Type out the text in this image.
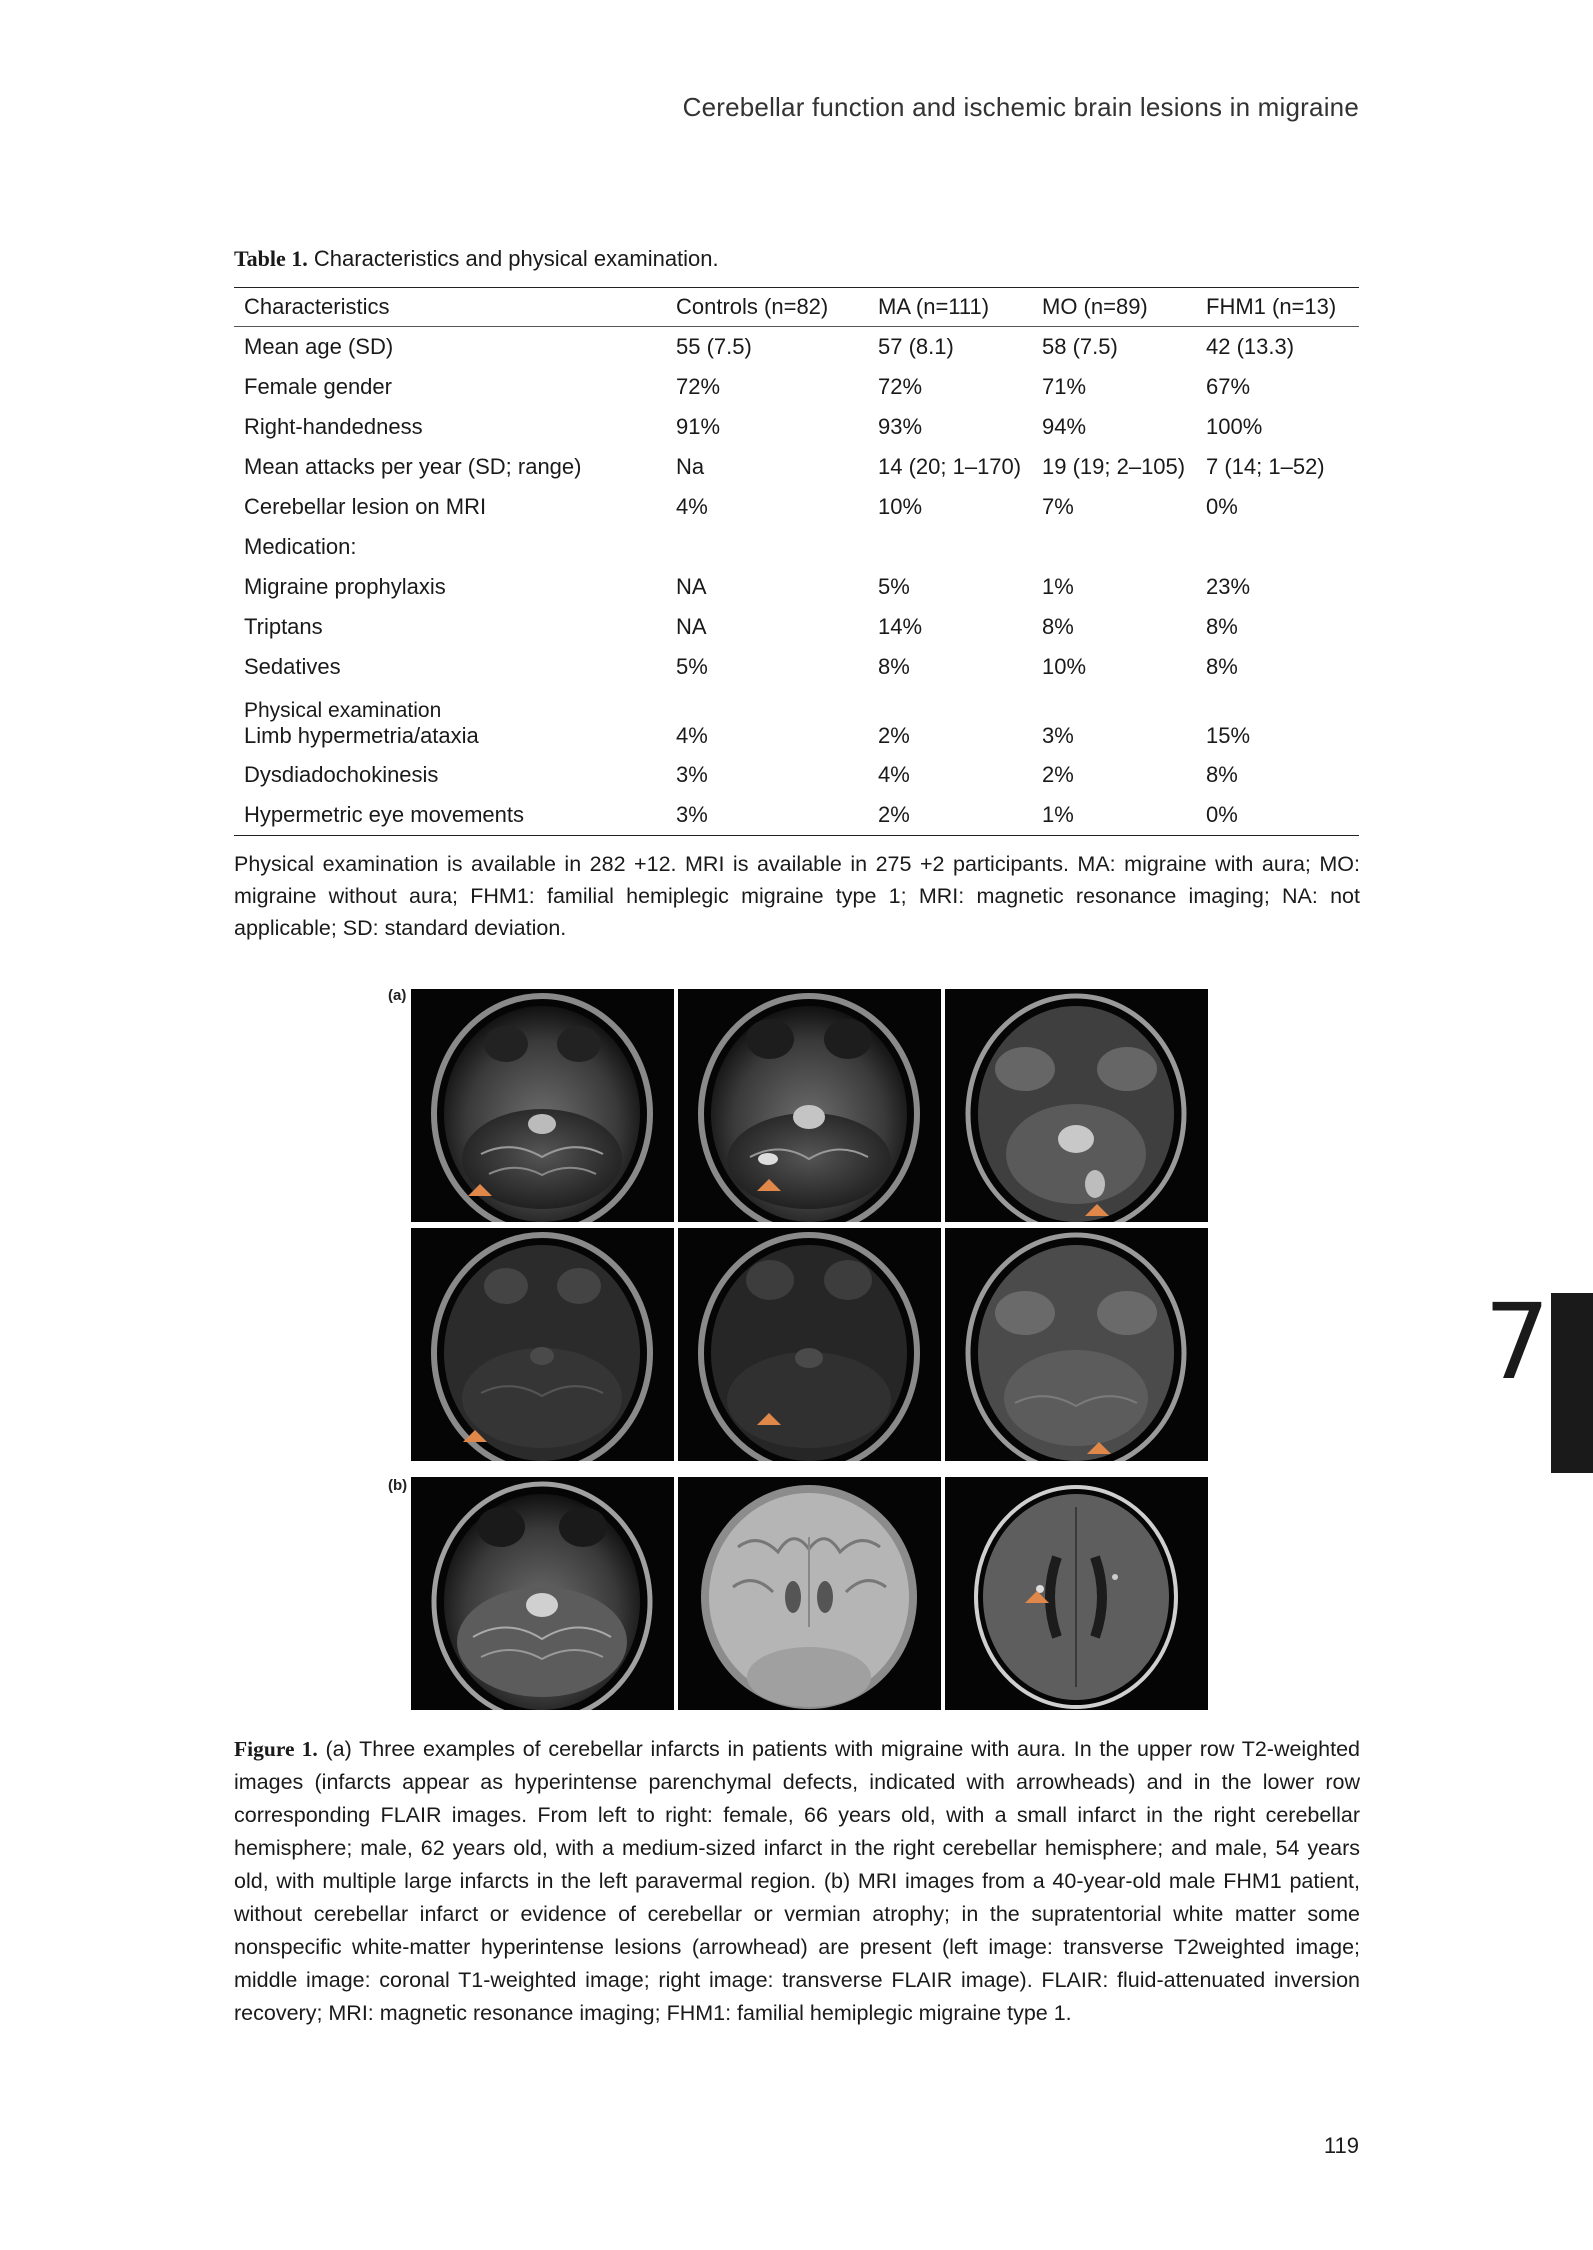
Cerebellar function and ischemic brain lesions in migraine
Table 1. Characteristics and physical examination.
Characteristics	Controls (n=82)	MA (n=111)	MO (n=89)	FHM1 (n=13)
Mean age (SD)	55 (7.5)	57 (8.1)	58 (7.5)	42 (13.3)
Female gender	72%	72%	71%	67%
Right-handedness	91%	93%	94%	100%
Mean attacks per year (SD; range)	Na	14 (20; 1–170)	19 (19; 2–105)	7 (14; 1–52)
Cerebellar lesion on MRI	4%	10%	7%	0%
Medication:				
Migraine prophylaxis	NA	5%	1%	23%
Triptans	NA	14%	8%	8%
Sedatives	5%	8%	10%	8%

Physical examination
Limb hypermetria/ataxia	4%	2%	3%	15%
Dysdiadochokinesis	3%	4%	2%	8%
Hypermetric eye movements	3%	2%	1%	0%
Physical examination is available in 282 +12. MRI is available in 275 +2 participants. MA: migraine with aura; MO: migraine without aura; FHM1: familial hemiplegic migraine type 1; MRI: magnetic resonance imaging; NA: not applicable; SD: standard deviation.
(a)
(b)
Figure 1. (a) Three examples of cerebellar infarcts in patients with migraine with aura. In the upper row T2-weighted images (infarcts appear as hyperintense parenchymal defects, indicated with arrowheads) and in the lower row corresponding FLAIR images. From left to right: female, 66 years old, with a small infarct in the right cerebellar hemisphere; male, 62 years old, with a medium-sized infarct in the right cerebellar hemisphere; and male, 54 years old, with multiple large infarcts in the left paravermal region. (b) MRI images from a 40-year-old male FHM1 patient, without cerebellar infarct or evidence of cerebellar or vermian atrophy; in the supratentorial white matter some nonspecific white-matter hyperintense lesions (arrowhead) are present (left image: transverse T2weighted image; middle image: coronal T1-weighted image; right image: transverse FLAIR image). FLAIR: fluid-attenuated inversion recovery; MRI: magnetic resonance imaging; FHM1: familial hemiplegic migraine type 1.
7
119
